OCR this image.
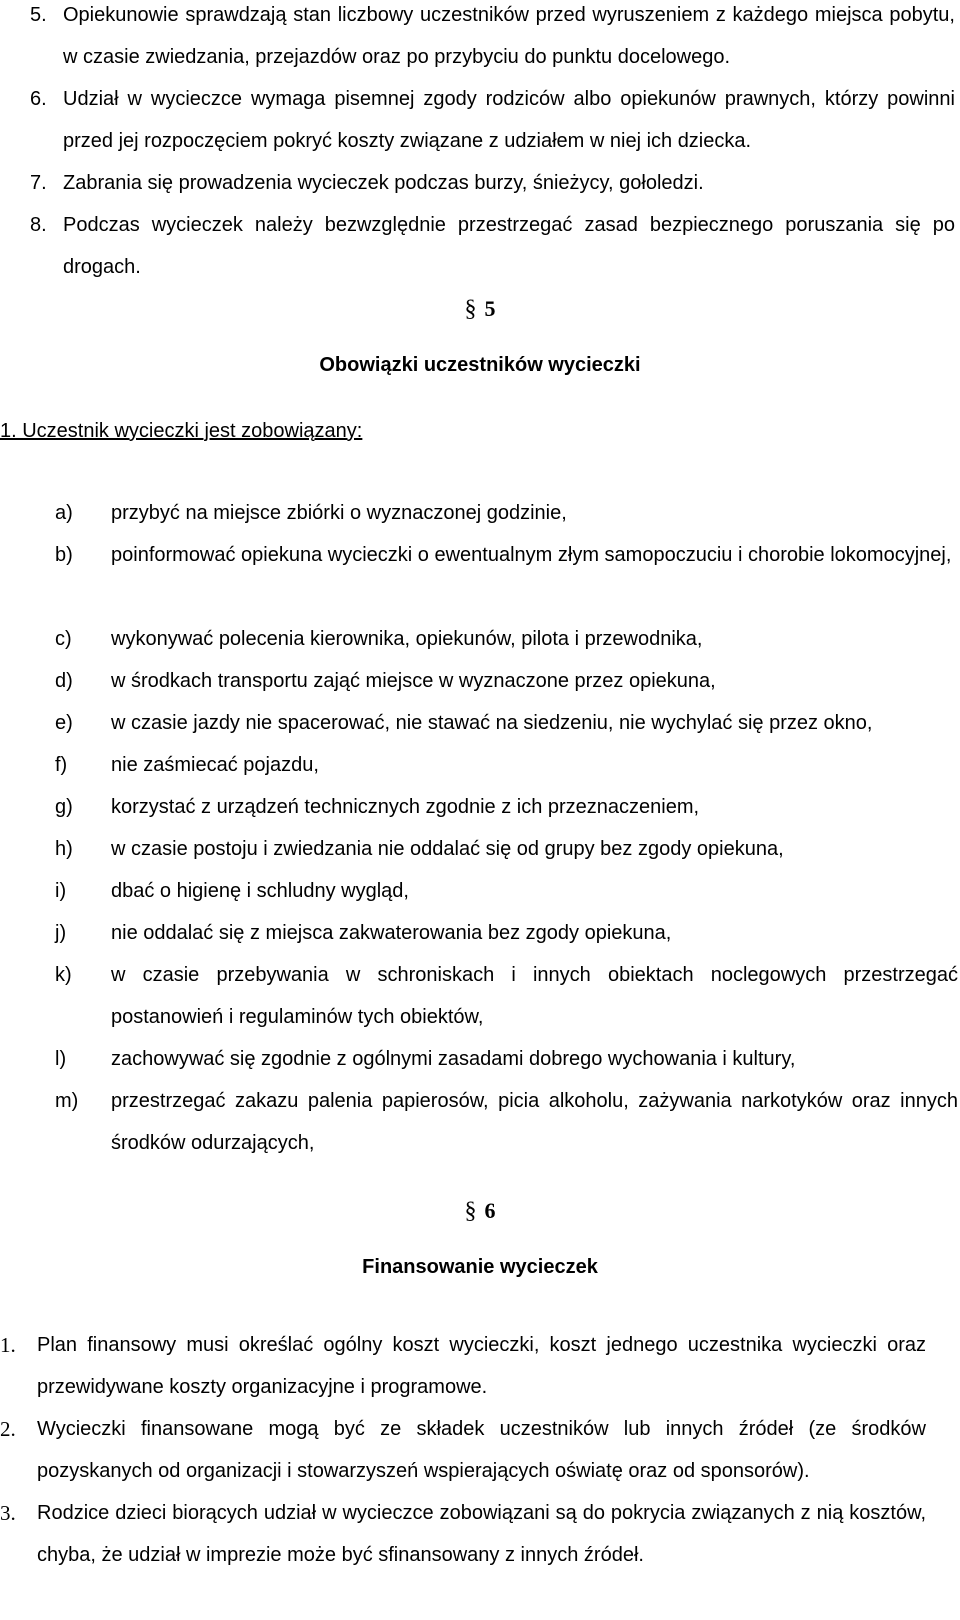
5. Opiekunowie sprawdzają stan liczbowy uczestników przed wyruszeniem z każdego miejsca pobytu, w czasie zwiedzania, przejazdów oraz po przybyciu do punktu docelowego.
6. Udział w wycieczce wymaga pisemnej zgody rodziców albo opiekunów prawnych, którzy powinni przed jej rozpoczęciem pokryć koszty związane z udziałem w niej ich dziecka.
7. Zabrania się prowadzenia wycieczek podczas burzy, śnieżycy, gołoledzi.
8. Podczas wycieczek należy bezwzględnie przestrzegać zasad bezpiecznego poruszania się po drogach.
§ 5
Obowiązki uczestników wycieczki
1. Uczestnik wycieczki jest zobowiązany:
a) przybyć na miejsce zbiórki o wyznaczonej godzinie,
b) poinformować opiekuna wycieczki o ewentualnym złym samopoczuciu i chorobie lokomocyjnej,
c) wykonywać polecenia kierownika, opiekunów, pilota i przewodnika,
d) w środkach transportu zająć miejsce w wyznaczone przez opiekuna,
e) w czasie jazdy nie spacerować, nie stawać na siedzeniu, nie wychylać się przez okno,
f) nie zaśmiecać pojazdu,
g) korzystać z urządzeń technicznych zgodnie z ich przeznaczeniem,
h) w czasie postoju i zwiedzania nie oddalać się od grupy bez zgody opiekuna,
i) dbać o higienę i schludny wygląd,
j) nie oddalać się z miejsca zakwaterowania bez zgody opiekuna,
k) w czasie przebywania w schroniskach i innych obiektach noclegowych przestrzegać postanowień i regulaminów tych obiektów,
l) zachowywać się zgodnie z ogólnymi zasadami dobrego wychowania i kultury,
m) przestrzegać zakazu palenia papierosów, picia alkoholu, zażywania narkotyków oraz innych środków odurzających,
§ 6
Finansowanie wycieczek
1. Plan finansowy musi określać ogólny koszt wycieczki, koszt jednego uczestnika wycieczki oraz przewidywane koszty organizacyjne i programowe.
2. Wycieczki finansowane mogą być ze składek uczestników lub innych źródeł (ze środków pozyskanych od organizacji i stowarzyszeń wspierających oświatę oraz od sponsorów).
3. Rodzice dzieci biorących udział w wycieczce zobowiązani są do pokrycia związanych z nią kosztów, chyba, że udział w imprezie może być sfinansowany z innych źródeł.
